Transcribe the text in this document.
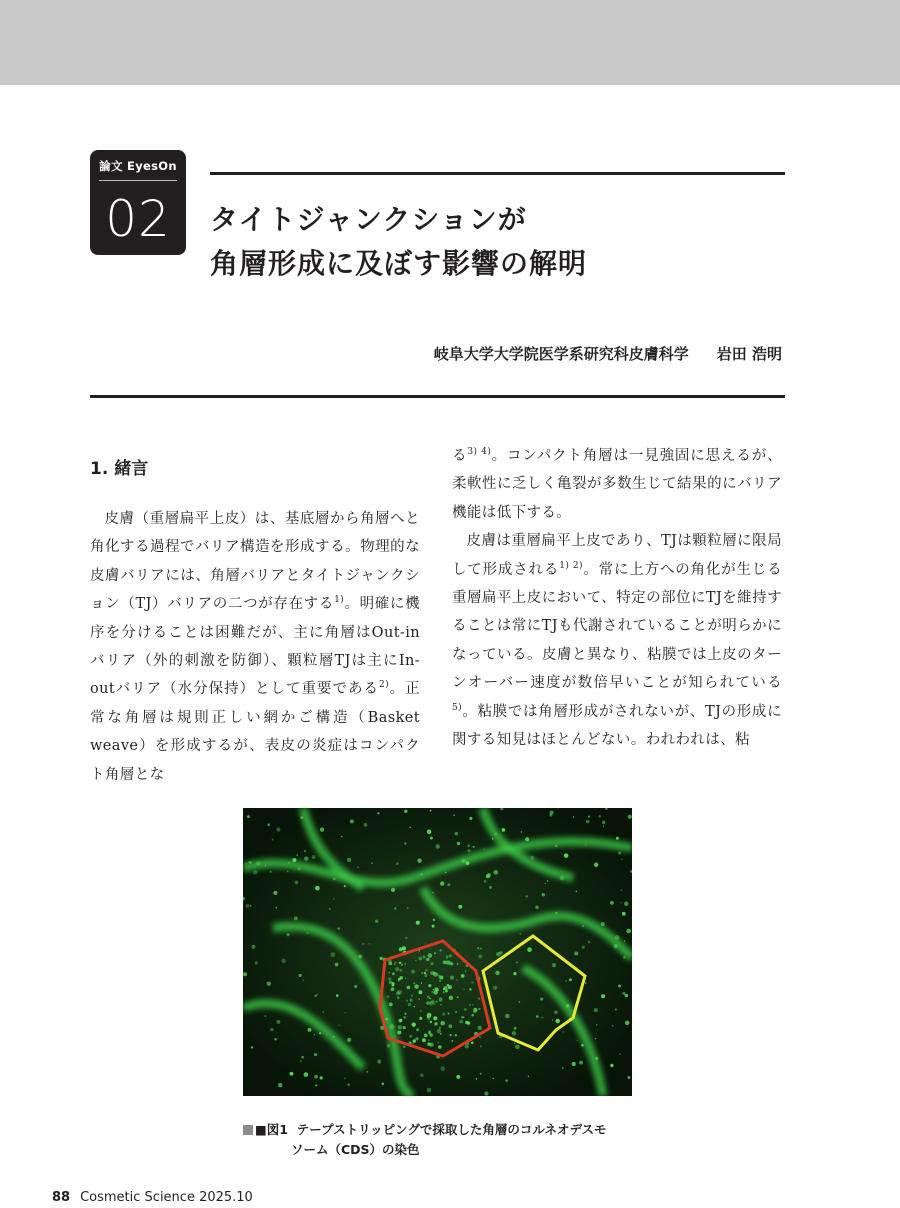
論文 EyesOn
02	タイトジャンクションが
角層形成に及ぼす影響の解明
岐阜大学大学院医学系研究科皮膚科学 岩田 浩明
1. 緒言

皮膚（重層扁平上皮）は、基底層から角層へと角化する過程でバリア構造を形成する。物理的な皮膚バリアには、角層バリアとタイトジャンクション（TJ）バリアの二つが存在する$^{1)}$。明確に機序を分けることは困難だが、主に角層はOut-inバリア（外的刺激を防御）、顆粒層TJは主にIn-outバリア（水分保持）として重要である$^{2)}$。正常な角層は規則正しい網かご構造（Basket weave）を形成するが、表皮の炎症はコンパクト角層とな

る$^{3) 4)}$。コンパクト角層は一見強固に思えるが、柔軟性に乏しく亀裂が多数生じて結果的にバリア機能は低下する。

皮膚は重層扁平上皮であり、TJは顆粒層に限局して形成される$^{1) 2)}$。常に上方への角化が生じる重層扁平上皮において、特定の部位にTJを維持することは常にTJも代謝されていることが明らかになっている。皮膚と異なり、粘膜では上皮のターンオーバー速度が数倍早いことが知られている$^{5)}$。粘膜では角層形成がされないが、TJの形成に関する知見はほとんどない。われわれは、粘

■図1 テープストリッピングで採取した角層のコルネオデスモ
ソーム（CDS）の染色
88 Cosmetic Science 2025.10
